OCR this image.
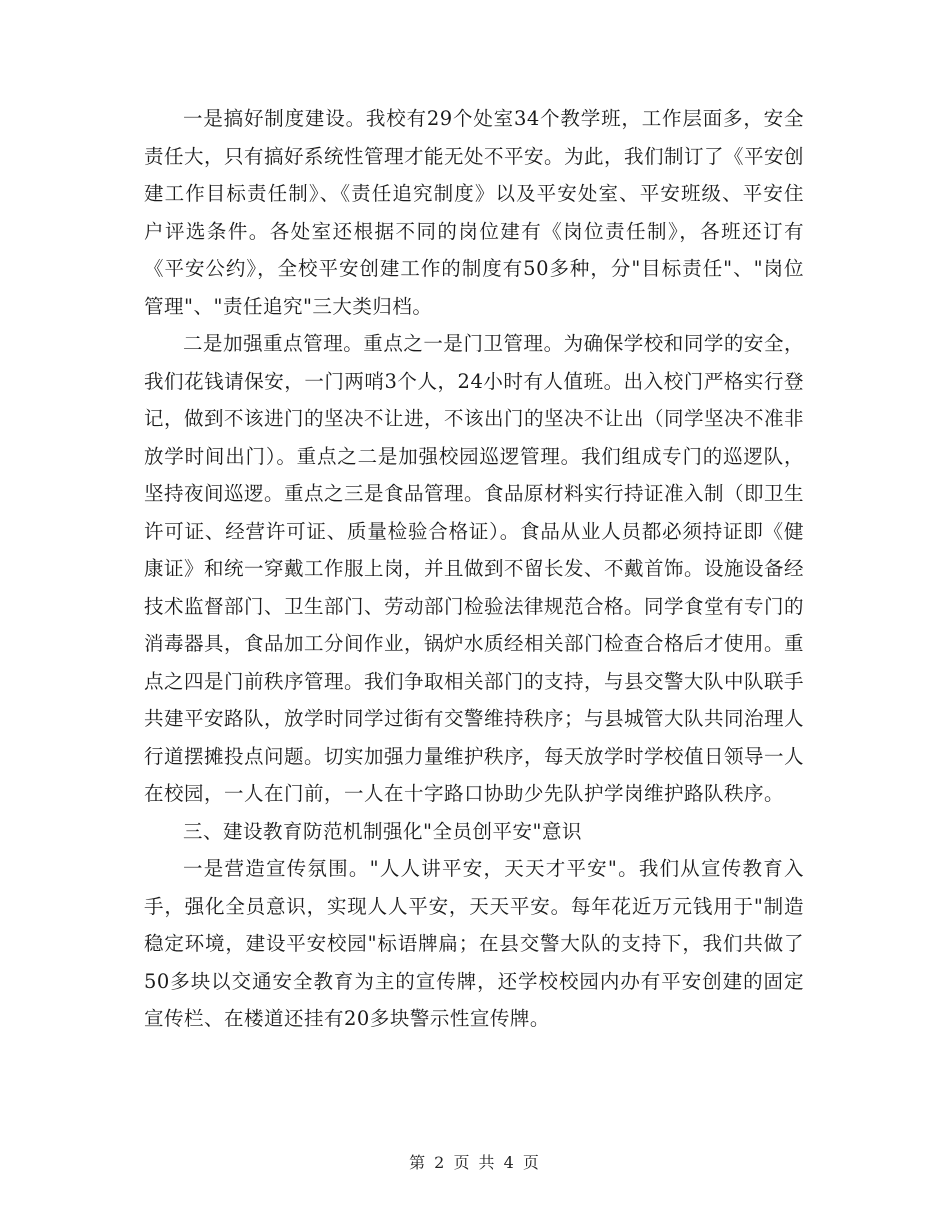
一是搞好制度建设。我校有29个处室34个教学班，工作层面多，安全责任大，只有搞好系统性管理才能无处不平安。为此，我们制订了《平安创建工作目标责任制》、《责任追究制度》以及平安处室、平安班级、平安住户评选条件。各处室还根据不同的岗位建有《岗位责任制》，各班还订有《平安公约》，全校平安创建工作的制度有50多种，分"目标责任"、"岗位管理"、"责任追究"三大类归档。

二是加强重点管理。重点之一是门卫管理。为确保学校和同学的安全，我们花钱请保安，一门两哨3个人，24小时有人值班。出入校门严格实行登记，做到不该进门的坚决不让进，不该出门的坚决不让出（同学坚决不准非放学时间出门）。重点之二是加强校园巡逻管理。我们组成专门的巡逻队，坚持夜间巡逻。重点之三是食品管理。食品原材料实行持证准入制（即卫生许可证、经营许可证、质量检验合格证）。食品从业人员都必须持证即《健康证》和统一穿戴工作服上岗，并且做到不留长发、不戴首饰。设施设备经技术监督部门、卫生部门、劳动部门检验法律规范合格。同学食堂有专门的消毒器具，食品加工分间作业，锅炉水质经相关部门检查合格后才使用。重点之四是门前秩序管理。我们争取相关部门的支持，与县交警大队中队联手共建平安路队，放学时同学过街有交警维持秩序；与县城管大队共同治理人行道摆摊投点问题。切实加强力量维护秩序，每天放学时学校值日领导一人在校园，一人在门前，一人在十字路口协助少先队护学岗维护路队秩序。

三、建设教育防范机制强化"全员创平安"意识

一是营造宣传氛围。"人人讲平安，天天才平安"。我们从宣传教育入手，强化全员意识，实现人人平安，天天平安。每年花近万元钱用于"制造稳定环境，建设平安校园"标语牌扁；在县交警大队的支持下，我们共做了50多块以交通安全教育为主的宣传牌，还学校校园内办有平安创建的固定宣传栏、在楼道还挂有20多块警示性宣传牌。

第 2 页 共 4 页
